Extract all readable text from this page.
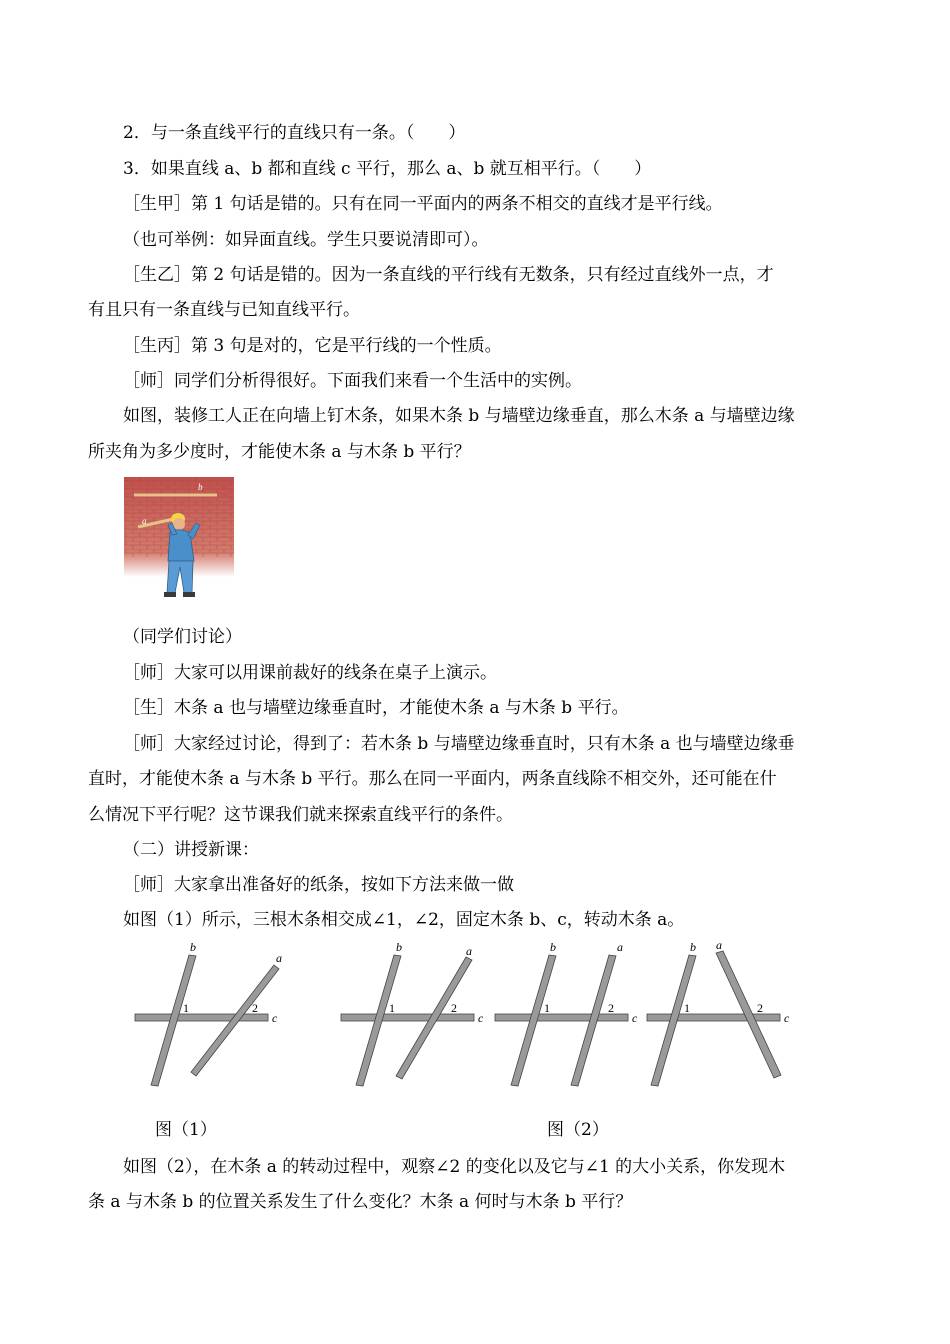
2．与一条直线平行的直线只有一条。（　　）
3．如果直线 a、b 都和直线 c 平行，那么 a、b 就互相平行。（　　）
［生甲］第 1 句话是错的。只有在同一平面内的两条不相交的直线才是平行线。
（也可举例：如异面直线。学生只要说清即可）。
［生乙］第 2 句话是错的。因为一条直线的平行线有无数条，只有经过直线外一点，才
有且只有一条直线与已知直线平行。
［生丙］第 3 句是对的，它是平行线的一个性质。
［师］同学们分析得很好。下面我们来看一个生活中的实例。
如图，装修工人正在向墙上钉木条，如果木条 b 与墙壁边缘垂直，那么木条 a 与墙壁边缘
所夹角为多少度时，才能使木条 a 与木条 b 平行？
b
a
（同学们讨论）
［师］大家可以用课前裁好的线条在桌子上演示。
［生］木条 a 也与墙壁边缘垂直时，才能使木条 a 与木条 b 平行。
［师］大家经过讨论，得到了：若木条 b 与墙壁边缘垂直时，只有木条 a 也与墙壁边缘垂
直时，才能使木条 a 与木条 b 平行。那么在同一平面内，两条直线除不相交外，还可能在什
么情况下平行呢？这节课我们就来探索直线平行的条件。
（二）讲授新课：
［师］大家拿出准备好的纸条，按如下方法来做一做
如图（1）所示，三根木条相交成∠1，∠2，固定木条 b、c，转动木条 a。
b
a
c
1	2
b	a
c
1	2
b	a
c
1	2
b a
c
1	2
图（1）	图（2）
如图（2），在木条 a 的转动过程中，观察∠2 的变化以及它与∠1 的大小关系，你发现木
条 a 与木条 b 的位置关系发生了什么变化？木条 a 何时与木条 b 平行？
